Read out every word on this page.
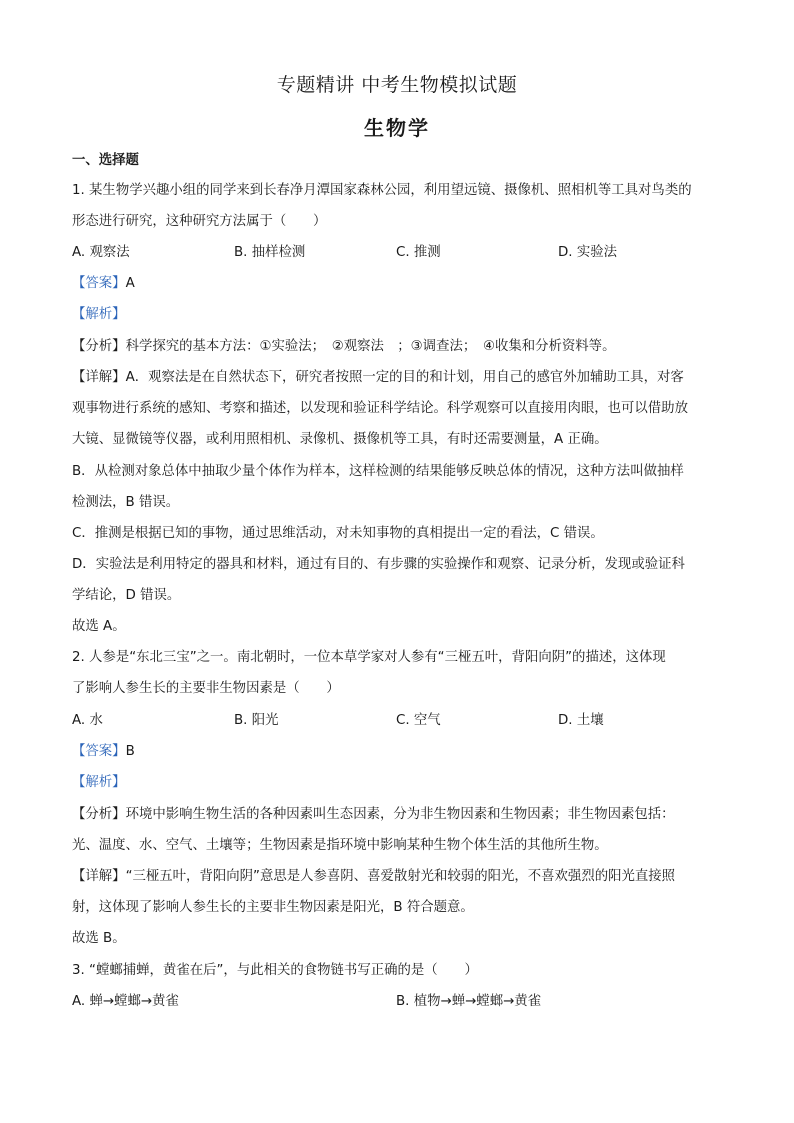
专题精讲 中考生物模拟试题
生物学
一、选择题
1. 某生物学兴趣小组的同学来到长春净月潭国家森林公园，利用望远镜、摄像机、照相机等工具对鸟类的
形态进行研究，这种研究方法属于（　　）
A. 观察法	B. 抽样检测	C. 推测	D. 实验法
【答案】A
【解析】
【分析】科学探究的基本方法：①实验法；　②观察法　；③调查法；　④收集和分析资料等。
【详解】A．观察法是在自然状态下，研究者按照一定的目的和计划，用自己的感官外加辅助工具，对客
观事物进行系统的感知、考察和描述，以发现和验证科学结论。科学观察可以直接用肉眼，也可以借助放
大镜、显微镜等仪器，或利用照相机、录像机、摄像机等工具，有时还需要测量，A 正确。
B．从检测对象总体中抽取少量个体作为样本，这样检测的结果能够反映总体的情况，这种方法叫做抽样
检测法，B 错误。
C．推测是根据已知的事物，通过思维活动，对未知事物的真相提出一定的看法，C 错误。
D．实验法是利用特定的器具和材料，通过有目的、有步骤的实验操作和观察、记录分析，发现或验证科
学结论，D 错误。
故选 A。
2. 人参是“东北三宝”之一。南北朝时，一位本草学家对人参有“三桠五叶，背阳向阴”的描述，这体现
了影响人参生长的主要非生物因素是（　　）
A. 水	B. 阳光	C. 空气	D. 土壤
【答案】B
【解析】
【分析】环境中影响生物生活的各种因素叫生态因素，分为非生物因素和生物因素；非生物因素包括：
光、温度、水、空气、土壤等；生物因素是指环境中影响某种生物个体生活的其他所生物。
【详解】“三桠五叶，背阳向阴”意思是人参喜阴、喜爱散射光和较弱的阳光，不喜欢强烈的阳光直接照
射，这体现了影响人参生长的主要非生物因素是阳光，B 符合题意。
故选 B。
3. “螳螂捕蝉，黄雀在后”，与此相关的食物链书写正确的是（　　）
A. 蝉→螳螂→黄雀	B. 植物→蝉→螳螂→黄雀
